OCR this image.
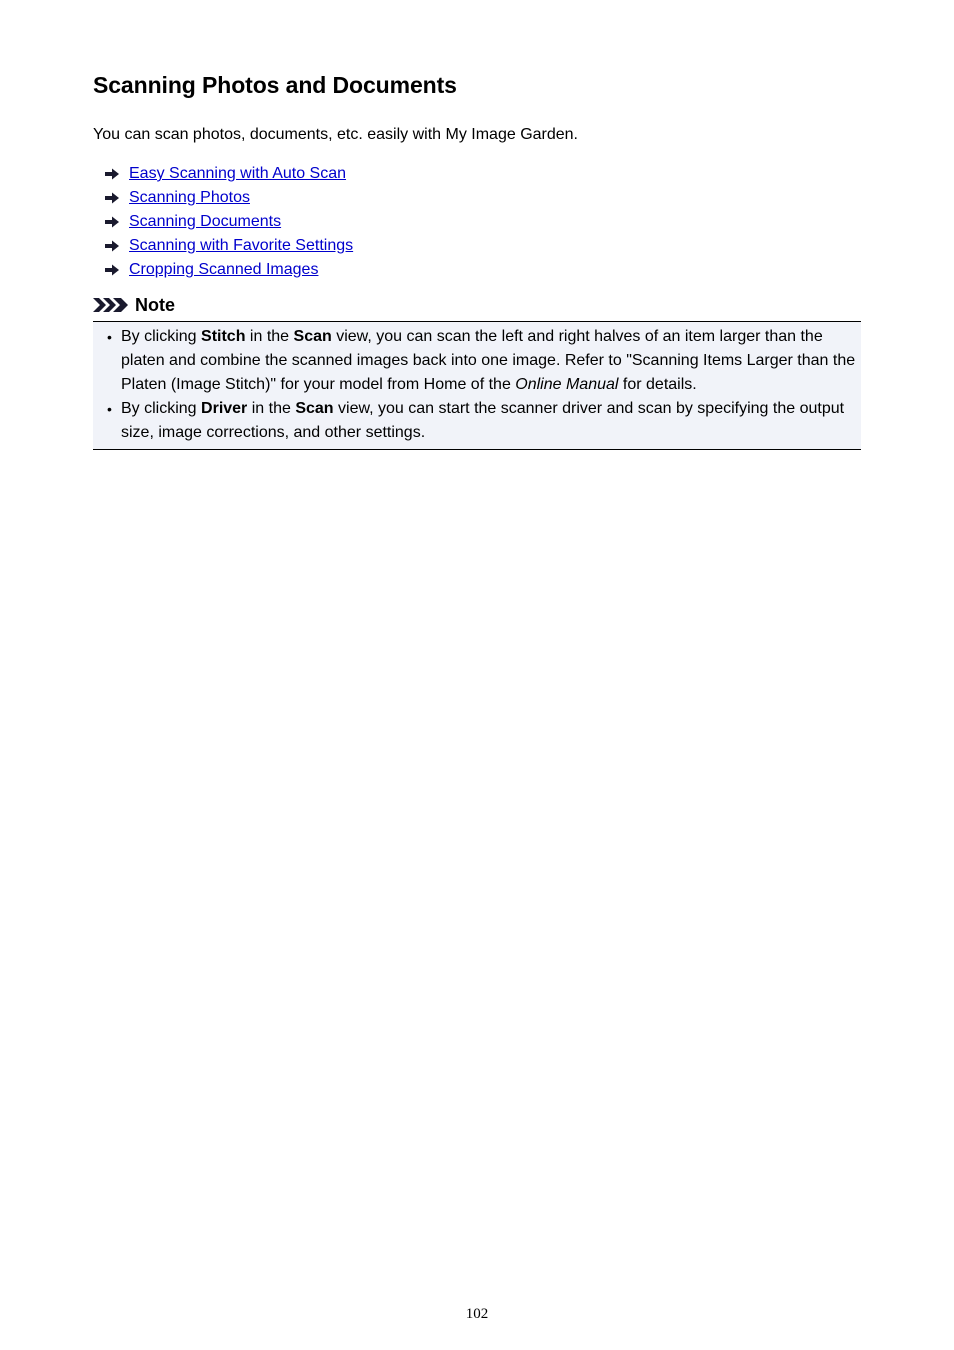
Scanning Photos and Documents

You can scan photos, documents, etc. easily with My Image Garden.

Easy Scanning with Auto Scan
Scanning Photos
Scanning Documents
Scanning with Favorite Settings
Cropping Scanned Images
Note
• By clicking Stitch in the Scan view, you can scan the left and right halves of an item larger than the platen and combine the scanned images back into one image. Refer to "Scanning Items Larger than the Platen (Image Stitch)" for your model from Home of the Online Manual for details.
• By clicking Driver in the Scan view, you can start the scanner driver and scan by specifying the output size, image corrections, and other settings.
102
